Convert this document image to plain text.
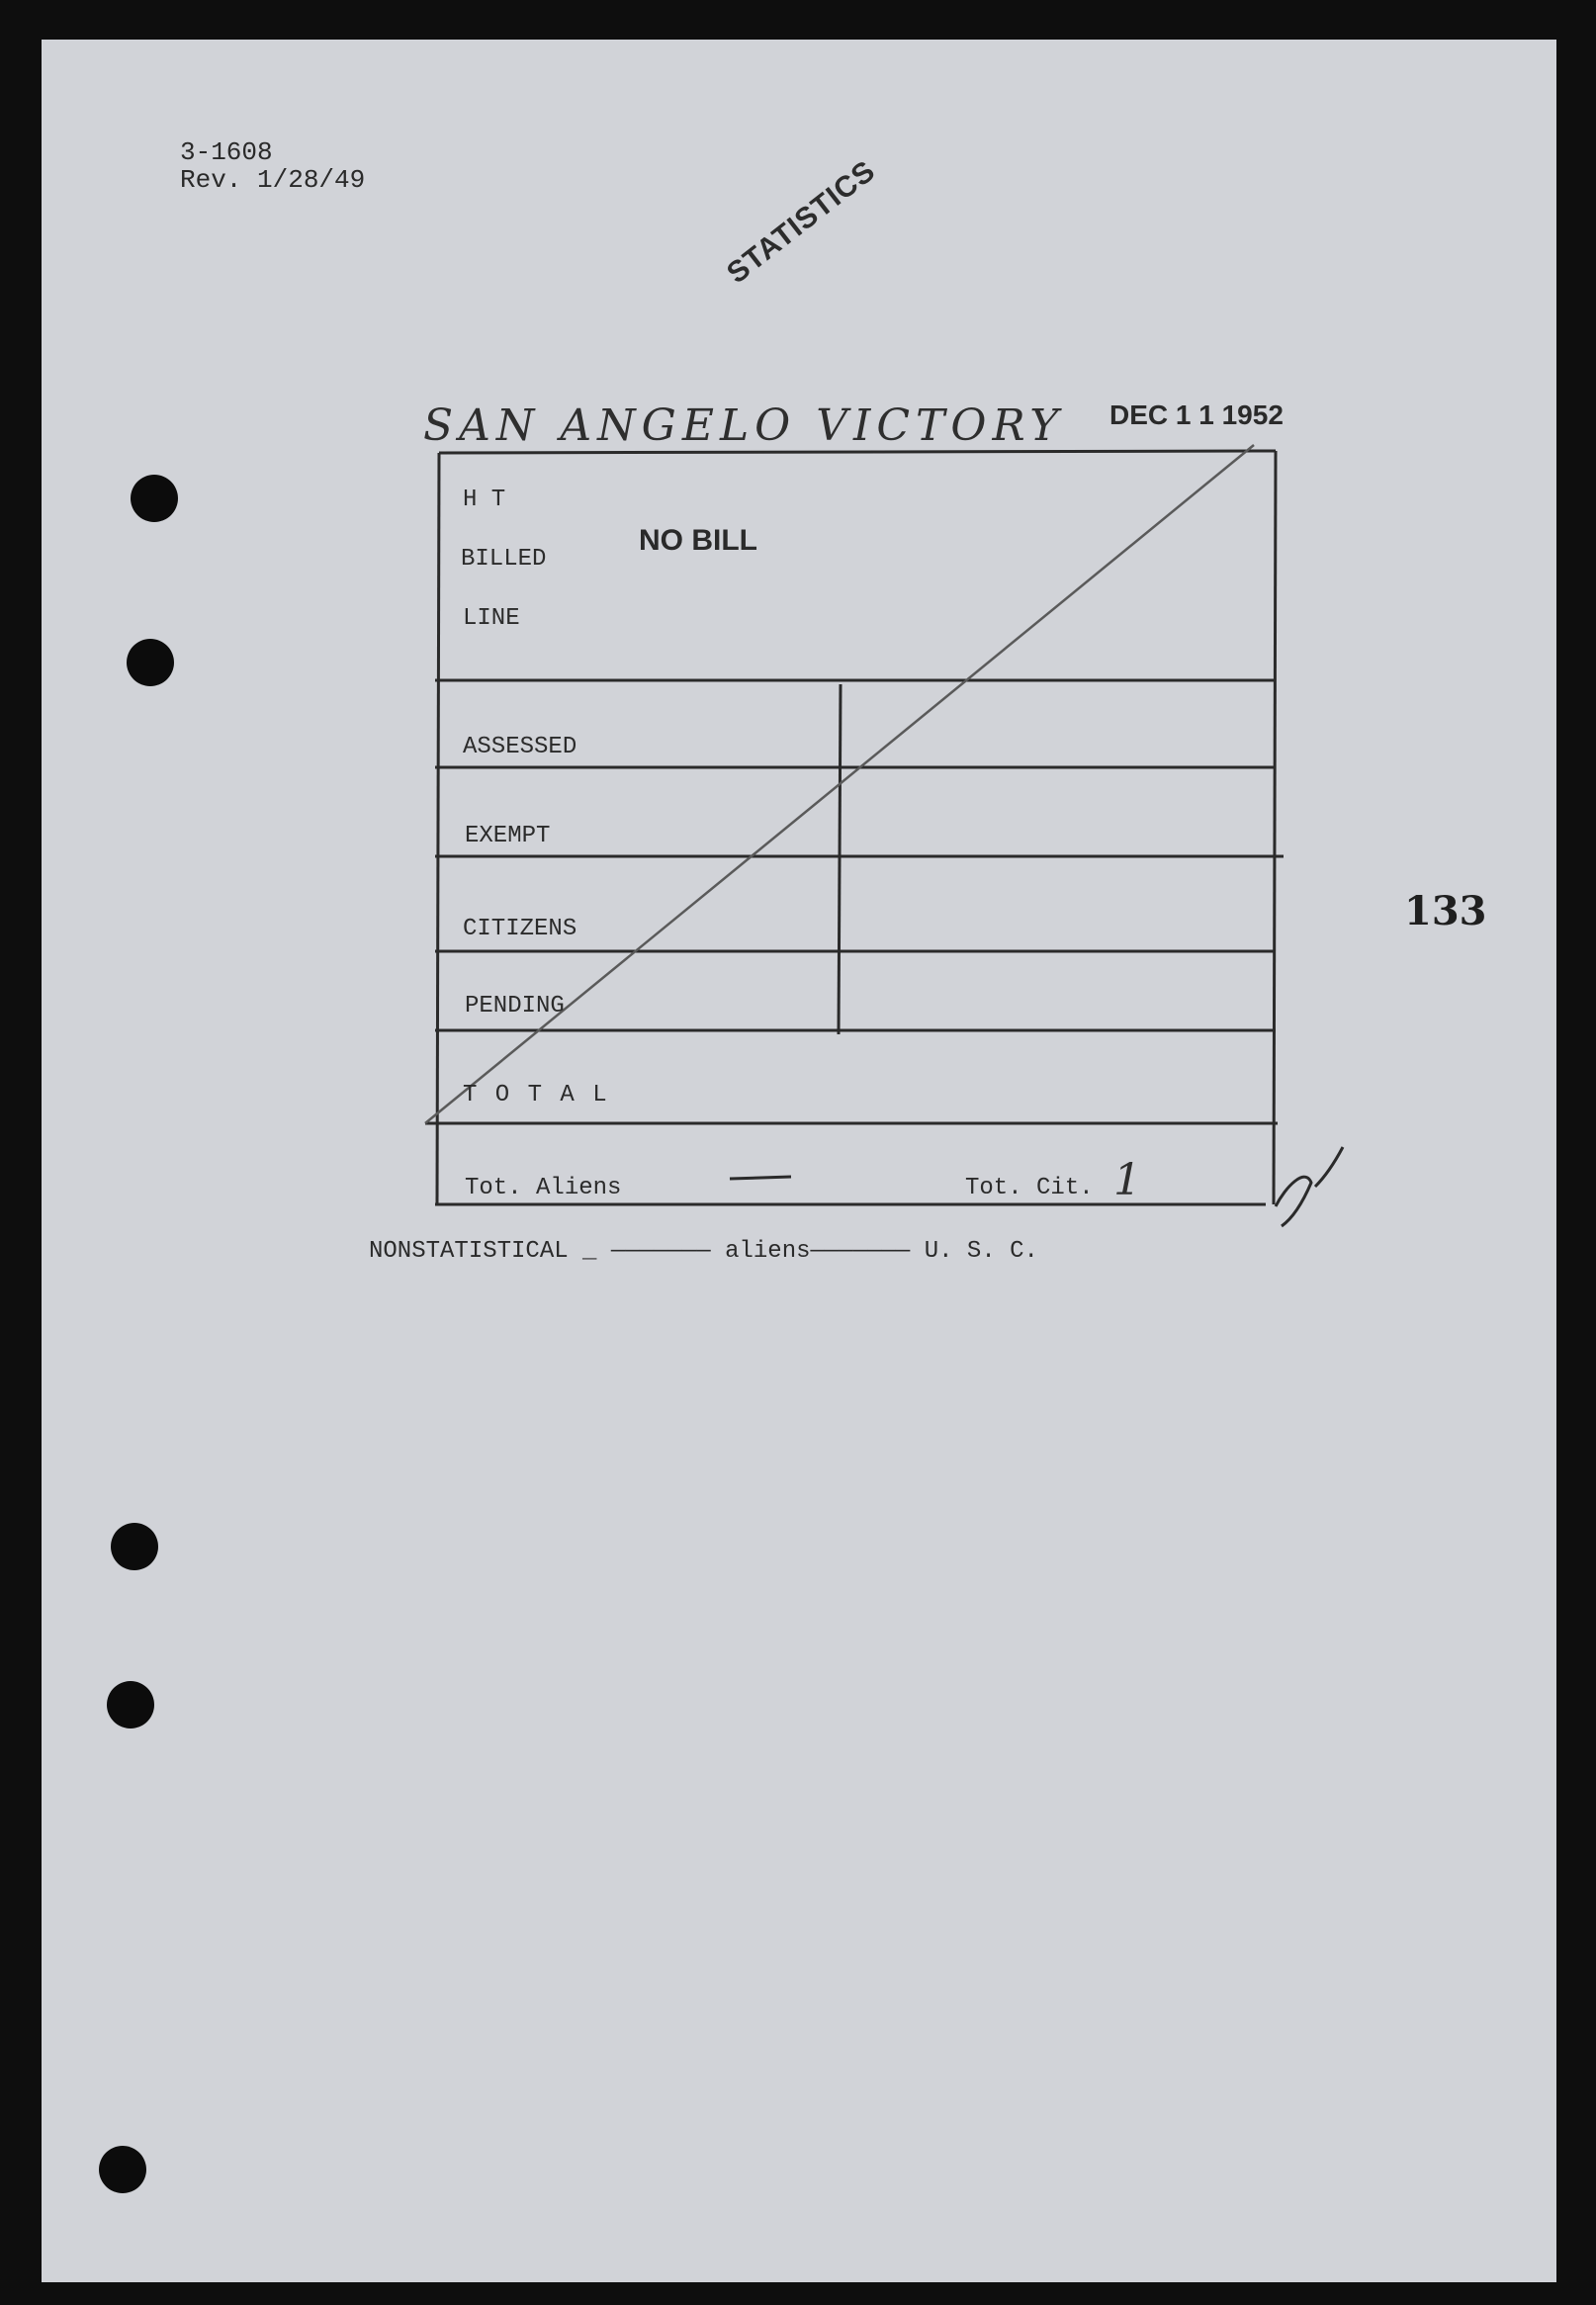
3-1608
Rev. 1/28/49	STATISTICS
SAN ANGELO VICTORY DEC 1 1 1952
H T
BILLED
LINE
NO BILL
ASSESSED
EXEMPT
CITIZENS
PENDING
T O T A L
Tot. Aliens	Tot. Cit. 1
133
NONSTATISTICAL _ ——————— aliens——————— U. S. C.
